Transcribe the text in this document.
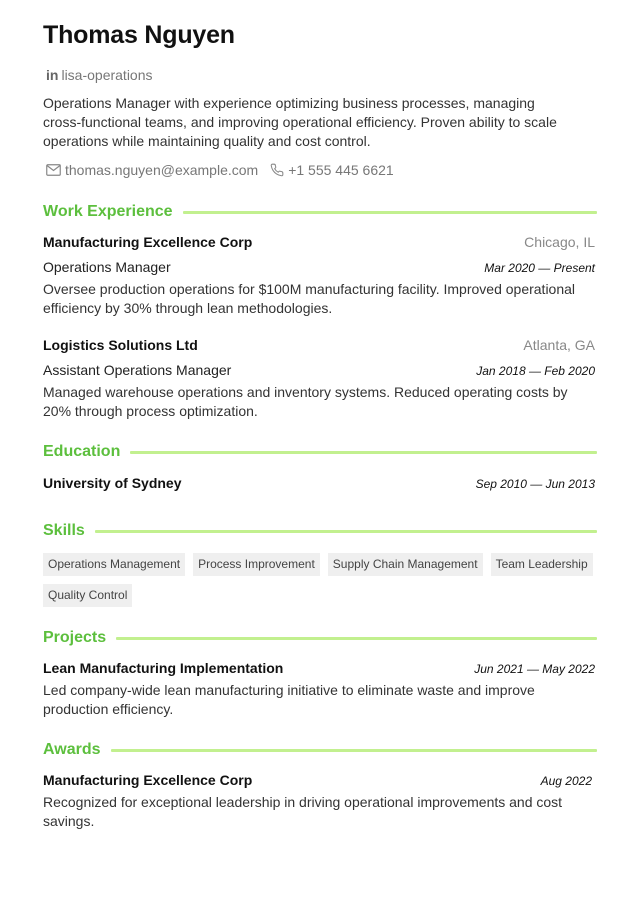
Thomas Nguyen
in lisa-operations
Operations Manager with experience optimizing business processes, managing cross-functional teams, and improving operational efficiency. Proven ability to scale operations while maintaining quality and cost control.
thomas.nguyen@example.com +1 555 445 6621
Work Experience
Manufacturing Excellence Corp	Chicago, IL
Operations Manager	Mar 2020 — Present
Oversee production operations for $100M manufacturing facility. Improved operational efficiency by 30% through lean methodologies.
Logistics Solutions Ltd	Atlanta, GA
Assistant Operations Manager	Jan 2018 — Feb 2020
Managed warehouse operations and inventory systems. Reduced operating costs by 20% through process optimization.
Education
University of Sydney	Sep 2010 — Jun 2013
Skills
Operations Management	Process Improvement	Supply Chain Management	Team Leadership
Quality Control
Projects
Lean Manufacturing Implementation	Jun 2021 — May 2022
Led company-wide lean manufacturing initiative to eliminate waste and improve production efficiency.
Awards
Manufacturing Excellence Corp	Aug 2022
Recognized for exceptional leadership in driving operational improvements and cost savings.
